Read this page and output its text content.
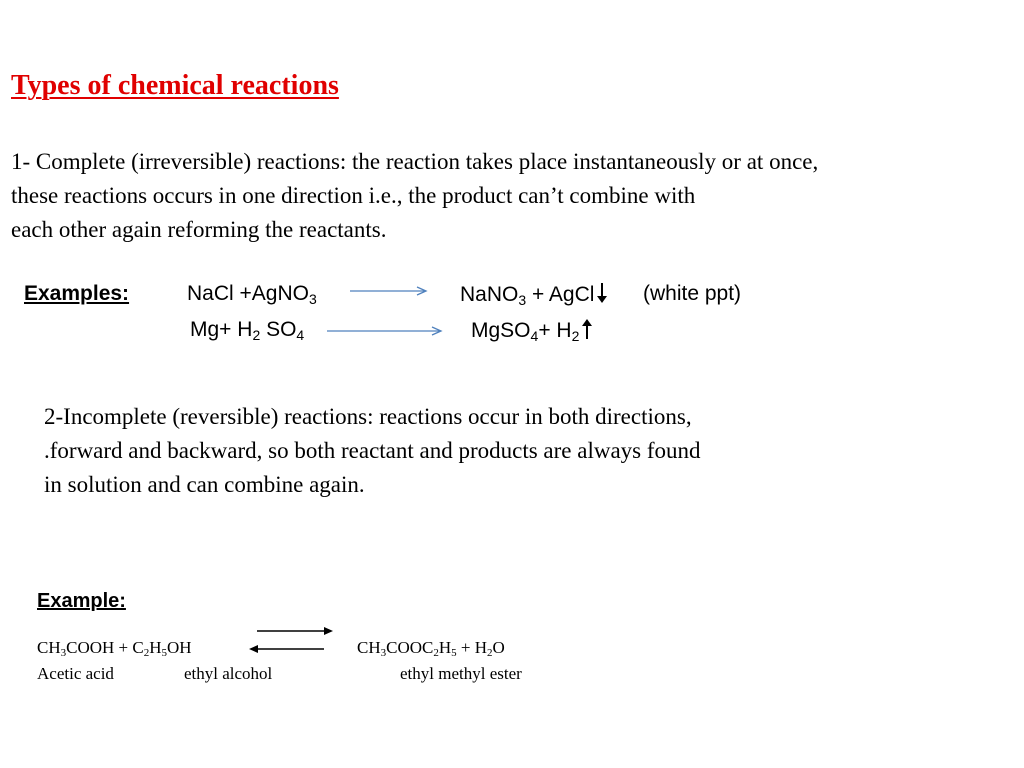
Types of chemical reactions
1- Complete (irreversible) reactions: the reaction takes place instantaneously or at once,
these reactions occurs in one direction i.e., the product can’t combine with
each other again reforming the reactants.
Examples:	NaCl +AgNO$_3$	NaNO$_3$ + AgCl	(white ppt)
$Mg+ H_2$ $SO_4$	MgSO$_4$+ $H_2$
2-Incomplete (reversible) reactions: reactions occur in both directions,
.forward and backward, so both reactant and products are always found
in solution and can combine again.
Example:
$CH_3COOH + C_2H_5OH$	$CH_3COOC_2H_5 + H_2O$
Acetic acid	ethyl alcohol	ethyl methyl ester
